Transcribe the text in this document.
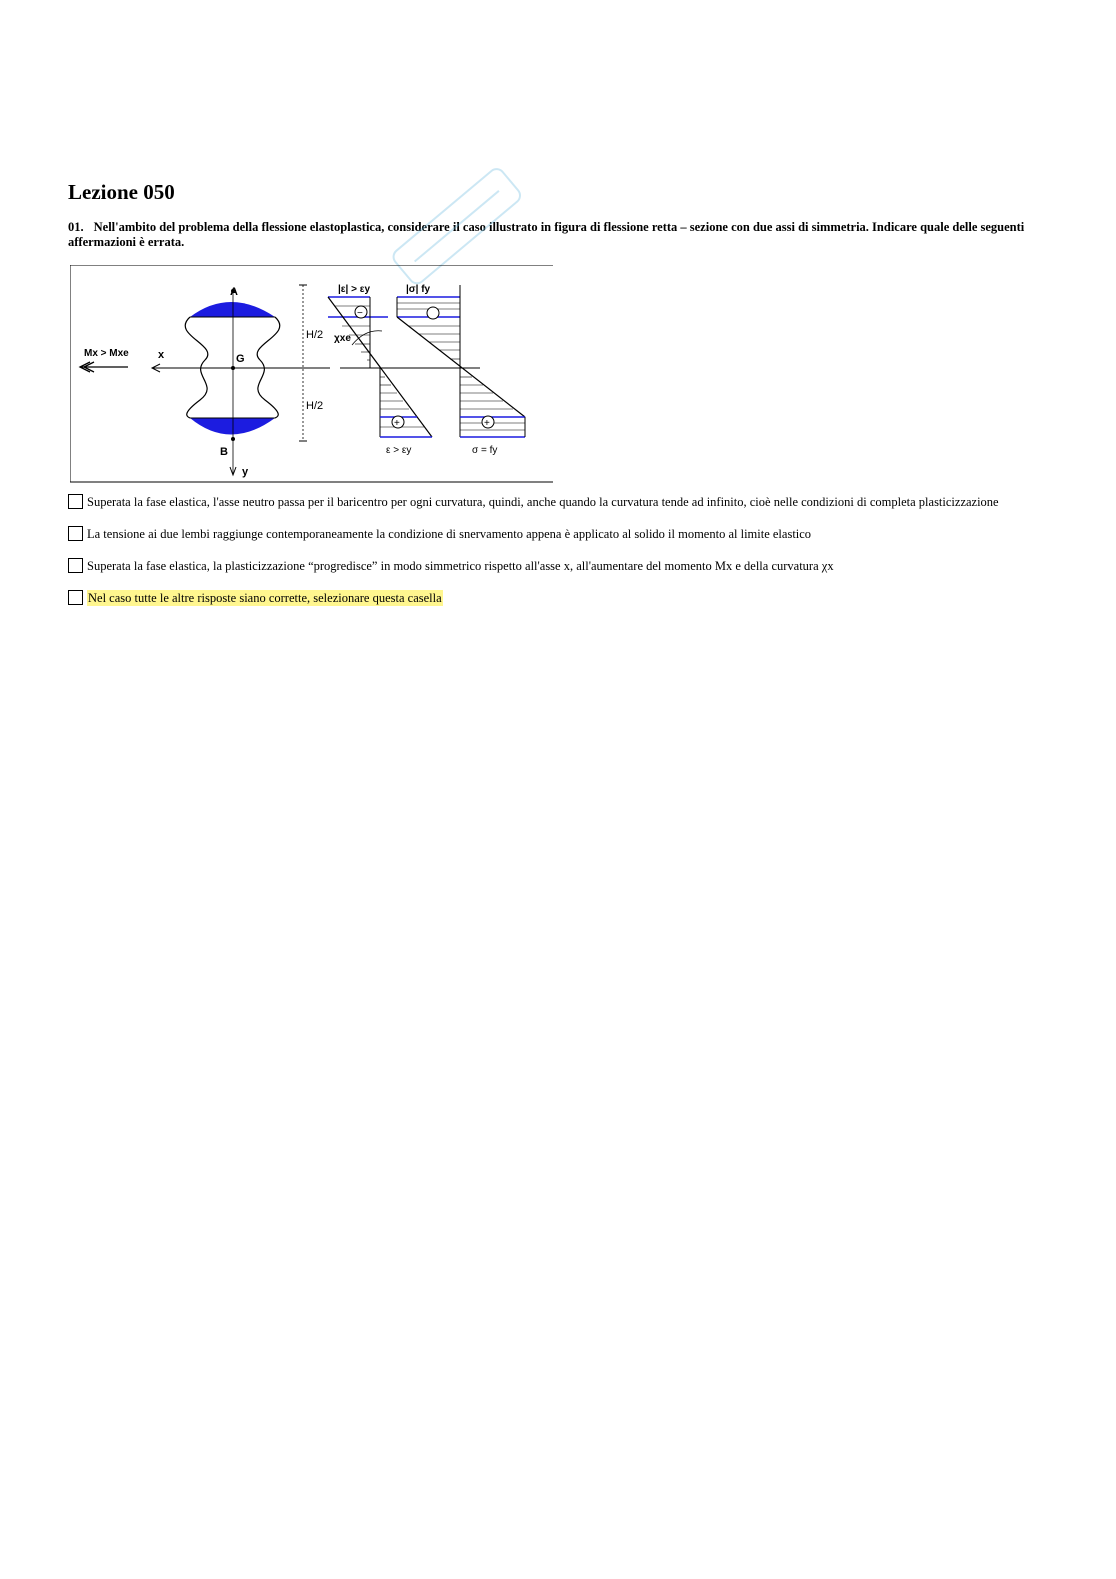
Lezione 050

01. Nell'ambito del problema della flessione elastoplastica, considerare il caso illustrato in figura di flessione retta – sezione con due assi di simmetria. Indicare quale delle seguenti affermazioni è errata.

A
G
B
x
y
Mx > Mxe
H/2
H/2
−
+
χxe
|ε| > εy
ε > εy
+
|σ| fy
σ = fy
Superata la fase elastica, l'asse neutro passa per il baricentro per ogni curvatura, quindi, anche quando la curvatura tende ad infinito, cioè nelle condizioni di completa plasticizzazione
La tensione ai due lembi raggiunge contemporaneamente la condizione di snervamento appena è applicato al solido il momento al limite elastico
Superata la fase elastica, la plasticizzazione “progredisce” in modo simmetrico rispetto all'asse x, all'aumentare del momento Mx e della curvatura χx
Nel caso tutte le altre risposte siano corrette, selezionare questa casella
